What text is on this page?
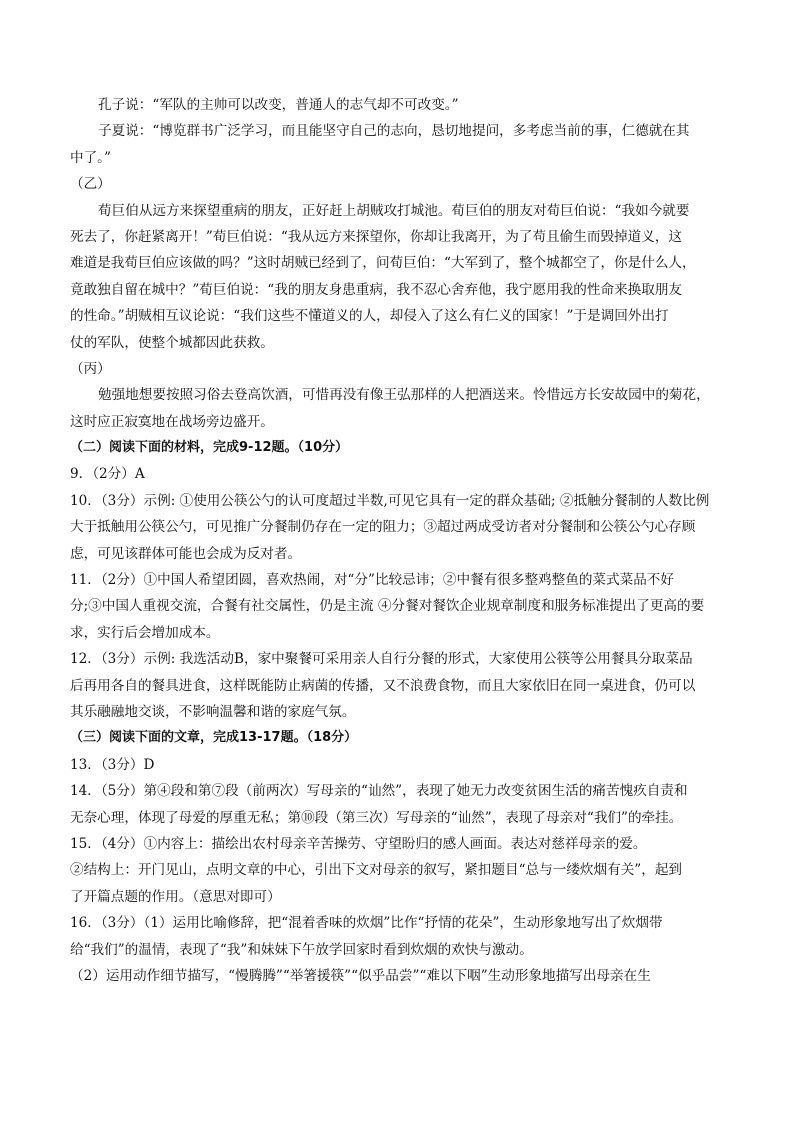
孔子说：“军队的主帅可以改变，普通人的志气却不可改变。”
子夏说：“博览群书广泛学习，而且能坚守自己的志向，恳切地提问，多考虑当前的事，仁德就在其
中了。”
（乙）
荀巨伯从远方来探望重病的朋友，正好赶上胡贼攻打城池。荀巨伯的朋友对荀巨伯说：“我如今就要
死去了，你赶紧离开！”荀巨伯说：“我从远方来探望你，你却让我离开，为了苟且偷生而毁掉道义，这
难道是我荀巨伯应该做的吗？”这时胡贼已经到了，问荀巨伯：“大军到了，整个城都空了，你是什么人，
竟敢独自留在城中？”荀巨伯说：“我的朋友身患重病，我不忍心舍弃他，我宁愿用我的性命来换取朋友
的性命。”胡贼相互议论说：“我们这些不懂道义的人，却侵入了这么有仁义的国家！”于是调回外出打
仗的军队，使整个城都因此获救。
（丙）
勉强地想要按照习俗去登高饮酒，可惜再没有像王弘那样的人把酒送来。怜惜远方长安故园中的菊花，
这时应正寂寞地在战场旁边盛开。
（二）阅读下面的材料，完成9-12题。（10分）
9．（2分）A
10．（3分）示例: ①使用公筷公勺的认可度超过半数,可见它具有一定的群众基础; ②抵触分餐制的人数比例
大于抵触用公筷公勺，可见推广分餐制仍存在一定的阻力；③超过两成受访者对分餐制和公筷公勺心存顾
虑，可见该群体可能也会成为反对者。
11．（2分）①中国人希望团圆，喜欢热闹，对“分”比较忌讳；②中餐有很多整鸡整鱼的菜式菜品不好
分;③中国人重视交流，合餐有社交属性，仍是主流 ④分餐对餐饮企业规章制度和服务标准提出了更高的要
求，实行后会增加成本。
12．（3分）示例: 我选活动B，家中聚餐可采用亲人自行分餐的形式，大家使用公筷等公用餐具分取菜品
后再用各自的餐具进食，这样既能防止病菌的传播，又不浪费食物，而且大家依旧在同一桌进食，仍可以
其乐融融地交谈，不影响温馨和谐的家庭气氛。
（三）阅读下面的文章，完成13-17题。（18分）
13．（3分）D
14．（5分）第④段和第⑦段（前两次）写母亲的“讪然”，表现了她无力改变贫困生活的痛苦愧疚自责和
无奈心理，体现了母爱的厚重无私；第⑩段（第三次）写母亲的“讪然”，表现了母亲对“我们”的牵挂。
15．（4分）①内容上：描绘出农村母亲辛苦操劳、守望盼归的感人画面。表达对慈祥母亲的爱。
②结构上：开门见山，点明文章的中心，引出下文对母亲的叙写，紧扣题目“总与一缕炊烟有关”，起到
了开篇点题的作用。（意思对即可）
16．（3分）（1）运用比喻修辞，把“混着香味的炊烟”比作“抒情的花朵”，生动形象地写出了炊烟带
给“我们”的温情，表现了“我”和妹妹下午放学回家时看到炊烟的欢快与激动。
（2）运用动作细节描写，“慢腾腾”“举箸援筷”“似乎品尝”“难以下咽”生动形象地描写出母亲在生
